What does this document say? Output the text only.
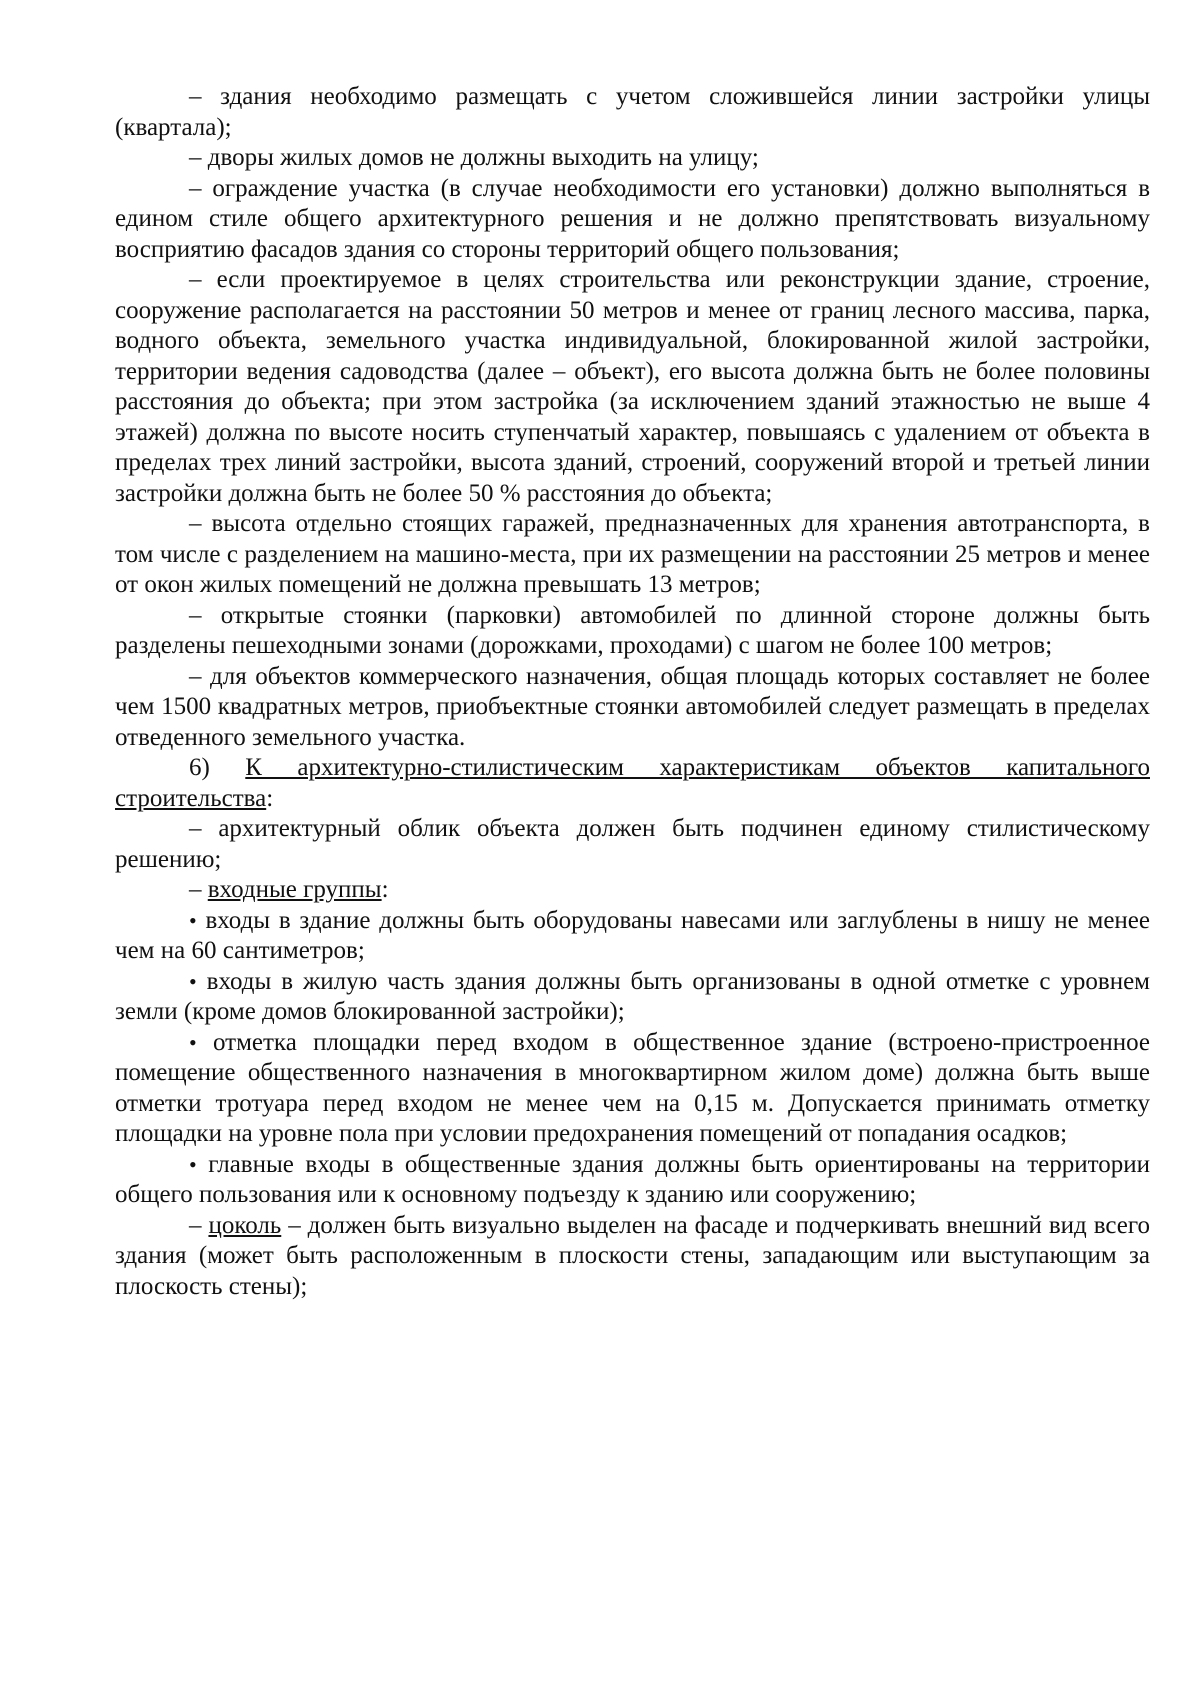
– здания необходимо размещать с учетом сложившейся линии застройки улицы (квартала);

– дворы жилых домов не должны выходить на улицу;

– ограждение участка (в случае необходимости его установки) должно выполняться в едином стиле общего архитектурного решения и не должно препятствовать визуальному восприятию фасадов здания со стороны территорий общего пользования;

– если проектируемое в целях строительства или реконструкции здание, строение, сооружение располагается на расстоянии 50 метров и менее от границ лесного массива, парка, водного объекта, земельного участка индивидуальной, блокированной жилой застройки, территории ведения садоводства (далее – объект), его высота должна быть не более половины расстояния до объекта; при этом застройка (за исключением зданий этажностью не выше 4 этажей) должна по высоте носить ступенчатый характер, повышаясь с удалением от объекта в пределах трех линий застройки, высота зданий, строений, сооружений второй и третьей линии застройки должна быть не более 50 % расстояния до объекта;

– высота отдельно стоящих гаражей, предназначенных для хранения автотранспорта, в том числе с разделением на машино-места, при их размещении на расстоянии 25 метров и менее от окон жилых помещений не должна превышать 13 метров;

– открытые стоянки (парковки) автомобилей по длинной стороне должны быть разделены пешеходными зонами (дорожками, проходами) с шагом не более 100 метров;

– для объектов коммерческого назначения, общая площадь которых составляет не более чем 1500 квадратных метров, приобъектные стоянки автомобилей следует размещать в пределах отведенного земельного участка.

6) К архитектурно-стилистическим характеристикам объектов капитального строительства:

– архитектурный облик объекта должен быть подчинен единому стилистическому решению;

– входные группы:

• входы в здание должны быть оборудованы навесами или заглублены в нишу не менее чем на 60 сантиметров;

• входы в жилую часть здания должны быть организованы в одной отметке с уровнем земли (кроме домов блокированной застройки);

• отметка площадки перед входом в общественное здание (встроено-пристроенное помещение общественного назначения в многоквартирном жилом доме) должна быть выше отметки тротуара перед входом не менее чем на 0,15 м. Допускается принимать отметку площадки на уровне пола при условии предохранения помещений от попадания осадков;

• главные входы в общественные здания должны быть ориентированы на территории общего пользования или к основному подъезду к зданию или сооружению;

– цоколь – должен быть визуально выделен на фасаде и подчеркивать внешний вид всего здания (может быть расположенным в плоскости стены, западающим или выступающим за плоскость стены);
